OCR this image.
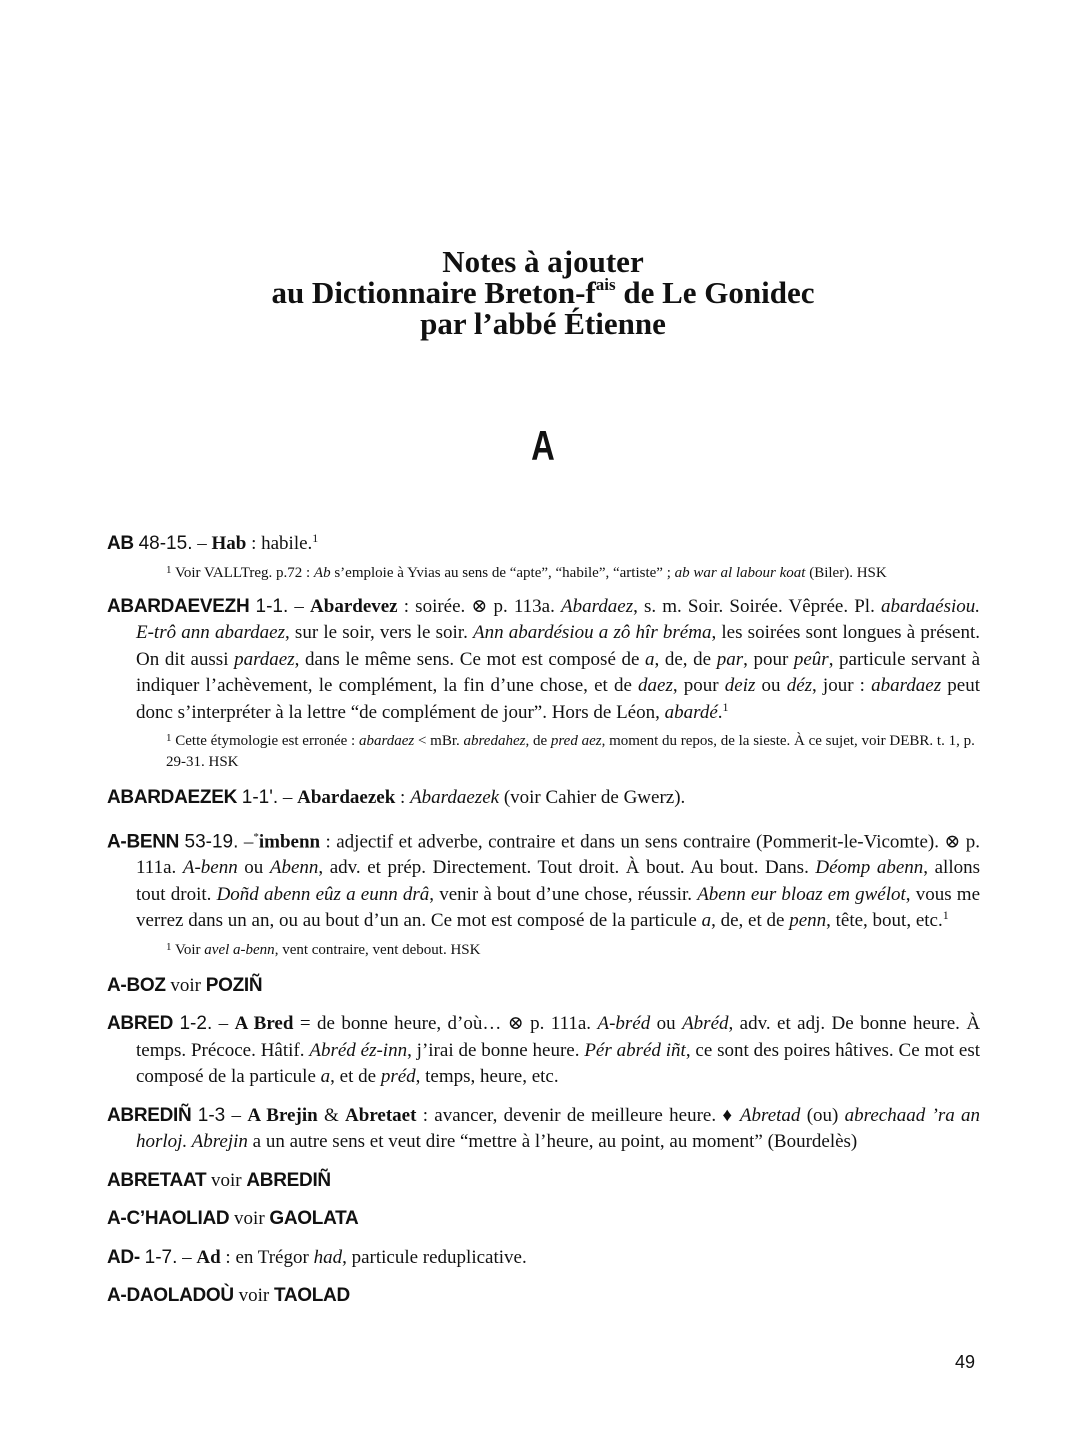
Notes à ajouter
au Dictionnaire Breton-$f^{ais}$ de Le Gonidec
par l’abbé Étienne
A
AB 48-15. – Hab : habile.$^1$
$^1$ Voir VALLTreg. p.72 : Ab s’emploie à Yvias au sens de “apte”, “habile”, “artiste” ; ab war al labour koat (Biler). HSK
ABARDAEVEZH 1-1. – Abardevez : soirée. ⊗ p. 113a. Abardaez, s. m. Soir. Soirée. Vêprée. Pl. abardaésiou. E-trô ann abardaez, sur le soir, vers le soir. Ann abardésiou a zô hîr bréma, les soirées sont longues à présent. On dit aussi pardaez, dans le même sens. Ce mot est composé de a, de, de par, pour peûr, particule servant à indiquer l’achèvement, le complément, la fin d’une chose, et de daez, pour deiz ou déz, jour : abardaez peut donc s’interpréter à la lettre “de complément de jour”. Hors de Léon, abardé.$^1$
$^1$ Cette étymologie est erronée : abardaez < mBr. abredahez, de pred aez, moment du repos, de la sieste. À ce sujet, voir DEBR. t. 1, p. 29-31. HSK
ABARDAEZEK 1-1'. – Abardaezek : Abardaezek (voir Cahier de Gwerz).
A-BENN 53-19. –*imbenn : adjectif et adverbe, contraire et dans un sens contraire (Pommerit-le-Vicomte). ⊗ p. 111a. A-benn ou Abenn, adv. et prép. Directement. Tout droit. À bout. Au bout. Dans. Déomp abenn, allons tout droit. Doñd abenn eûz a eunn drâ, venir à bout d’une chose, réussir. Abenn eur bloaz em gwélot, vous me verrez dans un an, ou au bout d’un an. Ce mot est composé de la particule a, de, et de penn, tête, bout, etc.$^1$
$^1$ Voir avel a-benn, vent contraire, vent debout. HSK
A-BOZ voir POZIÑ
ABRED 1-2. – A Bred = de bonne heure, d’où… ⊗ p. 111a. A-bréd ou Abréd, adv. et adj. De bonne heure. À temps. Précoce. Hâtif. Abréd éz-inn, j’irai de bonne heure. Pér abréd iñt, ce sont des poires hâtives. Ce mot est composé de la particule a, et de préd, temps, heure, etc.
ABREDIÑ 1-3 – A Brejin & Abretaet : avancer, devenir de meilleure heure. ♦ Abretad (ou) abrechaad ’ra an horloj. Abrejin a un autre sens et veut dire “mettre à l’heure, au point, au moment” (Bourdelès)
ABRETAAT voir ABREDIÑ
A-C’HAOLIAD voir GAOLATA
AD- 1-7. – Ad : en Trégor had, particule reduplicative.
A-DAOLADOÙ voir TAOLAD
49
